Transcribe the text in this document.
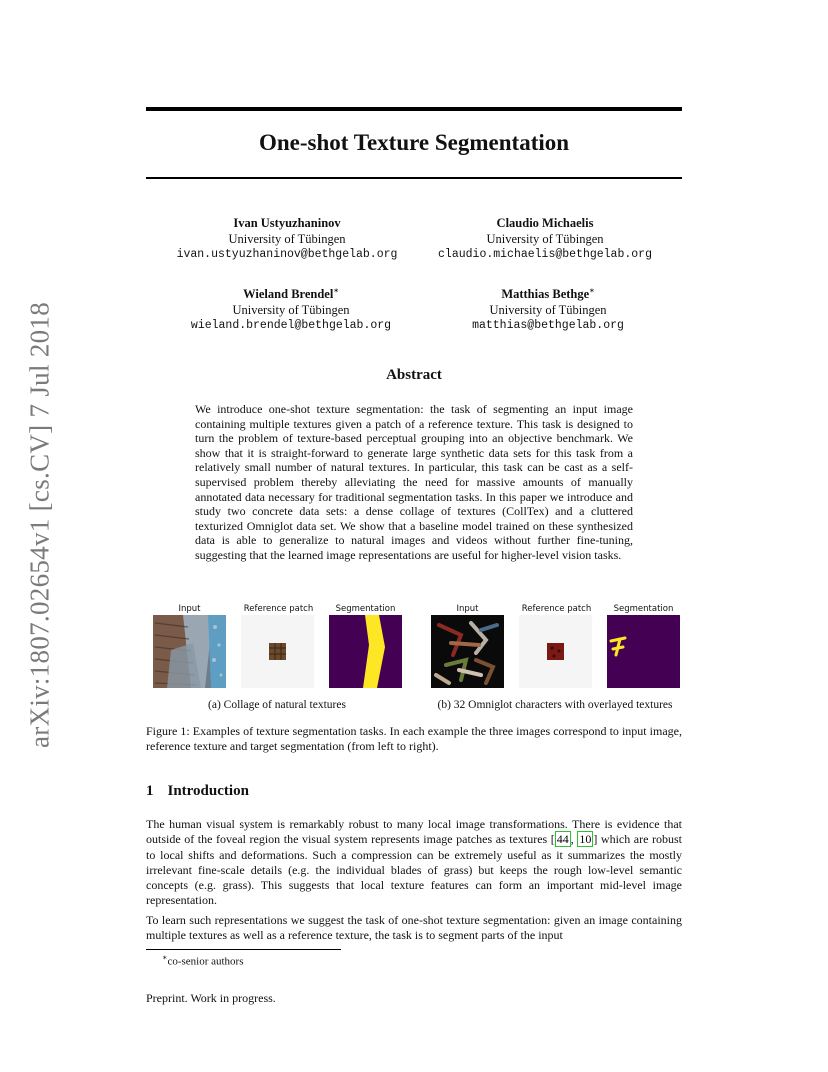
arXiv:1807.02654v1 [cs.CV] 7 Jul 2018
One-shot Texture Segmentation
Ivan Ustyuzhaninov
University of Tübingen
ivan.ustyuzhaninov@bethgelab.org
Claudio Michaelis
University of Tübingen
claudio.michaelis@bethgelab.org
Wieland Brendel∗
University of Tübingen
wieland.brendel@bethgelab.org
Matthias Bethge∗
University of Tübingen
matthias@bethgelab.org
Abstract
We introduce one-shot texture segmentation: the task of segmenting an input image containing multiple textures given a patch of a reference texture. This task is designed to turn the problem of texture-based perceptual grouping into an objective benchmark. We show that it is straight-forward to generate large synthetic data sets for this task from a relatively small number of natural textures. In particular, this task can be cast as a self-supervised problem thereby alleviating the need for massive amounts of manually annotated data necessary for traditional segmentation tasks. In this paper we introduce and study two concrete data sets: a dense collage of textures (CollTex) and a cluttered texturized Omniglot data set. We show that a baseline model trained on these synthesized data is able to generalize to natural images and videos without further fine-tuning, suggesting that the learned image representations are useful for higher-level vision tasks.
Input	Reference patch	Segmentation	Input	Reference patch	Segmentation
(a) Collage of natural textures	(b) 32 Omniglot characters with overlayed textures
Figure 1: Examples of texture segmentation tasks. In each example the three images correspond to input image, reference texture and target segmentation (from left to right).
1 Introduction
The human visual system is remarkably robust to many local image transformations. There is evidence that outside of the foveal region the visual system represents image patches as textures [ 44 , 10 ] which are robust to local shifts and deformations. Such a compression can be extremely useful as it summarizes the mostly irrelevant fine-scale details (e.g. the individual blades of grass) but keeps the rough low-level semantic concepts (e.g. grass). This suggests that local texture features can form an important mid-level image representation.
To learn such representations we suggest the task of one-shot texture segmentation: given an image containing multiple textures as well as a reference texture, the task is to segment parts of the input
∗co-senior authors
Preprint. Work in progress.
